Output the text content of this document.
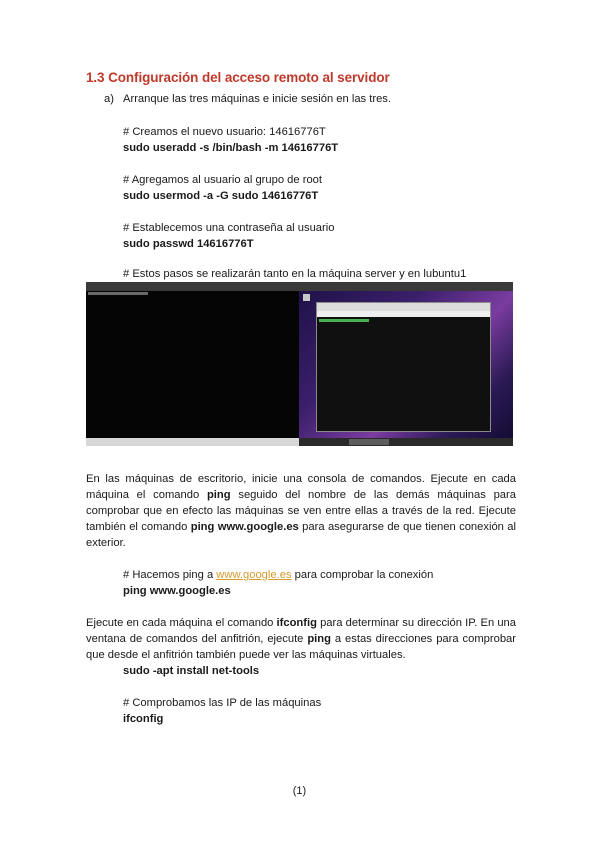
1.3 Configuración del acceso remoto al servidor
a) Arranque las tres máquinas e inicie sesión en las tres.
# Creamos el nuevo usuario: 14616776T
sudo useradd -s /bin/bash -m 14616776T
# Agregamos al usuario al grupo de root
sudo usermod -a -G sudo 14616776T
# Establecemos una contraseña al usuario
sudo passwd 14616776T
# Estos pasos se realizarán tanto en la máquina server y en lubuntu1
En las máquinas de escritorio, inicie una consola de comandos. Ejecute en cada máquina el comando ping seguido del nombre de las demás máquinas para comprobar que en efecto las máquinas se ven entre ellas a través de la red. Ejecute también el comando ping www.google.es para asegurarse de que tienen conexión al exterior.
# Hacemos ping a www.google.es para comprobar la conexión
ping www.google.es
Ejecute en cada máquina el comando ifconfig para determinar su dirección IP. En una ventana de comandos del anfitrión, ejecute ping a estas direcciones para comprobar que desde el anfitrión también puede ver las máquinas virtuales.
sudo -apt install net-tools
# Comprobamos las IP de las máquinas
ifconfig
(1)
